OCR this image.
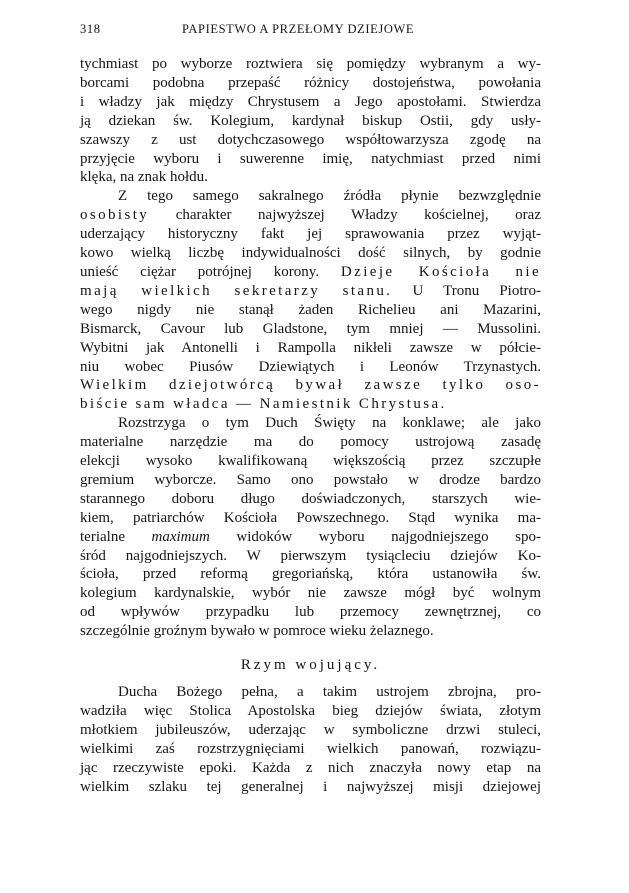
318	PAPIESTWO A PRZEŁOMY DZIEJOWE

tychmiast po wyborze roztwiera się pomiędzy wybranym a wy-

borcami podobna przepaść różnicy dostojeństwa, powołania

i władzy jak między Chrystusem a Jego apostołami. Stwierdza

ją dziekan św. Kolegium, kardynał biskup Ostii, gdy usły-

szawszy z ust dotychczasowego współtowarzysza zgodę na

przyjęcie wyboru i suwerenne imię, natychmiast przed nimi

klęka, na znak hołdu.

Z tego samego sakralnego źródła płynie bezwzględnie

osobisty charakter najwyższej Władzy kościelnej, oraz

uderzający historyczny fakt jej sprawowania przez wyjąt-

kowo wielką liczbę indywidualności dość silnych, by godnie

unieść ciężar potrójnej korony. Dzieje Kościoła nie

mają wielkich sekretarzy stanu. U Tronu Piotro-

wego nigdy nie stanął żaden Richelieu ani Mazarini,

Bismarck, Cavour lub Gladstone, tym mniej — Mussolini.

Wybitni jak Antonelli i Rampolla nikłeli zawsze w półcie-

niu wobec Piusów Dziewiątych i Leonów Trzynastych.

Wielkim dziejotwórcą bywał zawsze tylko oso-

biście sam władca — Namiestnik Chrystusa.

Rozstrzyga o tym Duch Święty na konklawe; ale jako

materialne narzędzie ma do pomocy ustrojową zasadę

elekcji wysoko kwalifikowaną większością przez szczupłe

gremium wyborcze. Samo ono powstało w drodze bardzo

starannego doboru długo doświadczonych, starszych wie-

kiem, patriarchów Kościoła Powszechnego. Stąd wynika ma-

terialne maximum widoków wyboru najgodniejszego spo-

śród najgodniejszych. W pierwszym tysiącleciu dziejów Ko-

ścioła, przed reformą gregoriańską, która ustanowiła św.

kolegium kardynalskie, wybór nie zawsze mógł być wolnym

od wpływów przypadku lub przemocy zewnętrznej, co

szczególnie groźnym bywało w pomroce wieku żelaznego.

Rzym wojujący.

Ducha Bożego pełna, a takim ustrojem zbrojna, pro-

wadziła więc Stolica Apostolska bieg dziejów świata, złotym

młotkiem jubileuszów, uderzając w symboliczne drzwi stuleci,

wielkimi zaś rozstrzygnięciami wielkich panowań, rozwiązu-

jąc rzeczywiste epoki. Każda z nich znaczyła nowy etap na

wielkim szlaku tej generalnej i najwyższej misji dziejowej
